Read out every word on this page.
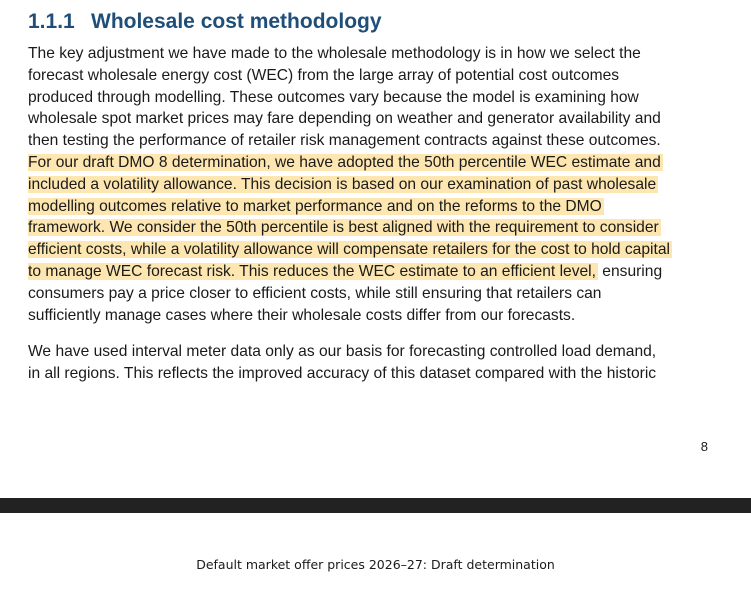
1.1.1 Wholesale cost methodology
The key adjustment we have made to the wholesale methodology is in how we select the
forecast wholesale energy cost (WEC) from the large array of potential cost outcomes
produced through modelling. These outcomes vary because the model is examining how
wholesale spot market prices may fare depending on weather and generator availability and
then testing the performance of retailer risk management contracts against these outcomes.
For our draft DMO 8 determination, we have adopted the 50th percentile WEC estimate and
included a volatility allowance. This decision is based on our examination of past wholesale
modelling outcomes relative to market performance and on the reforms to the DMO
framework. We consider the 50th percentile is best aligned with the requirement to consider
efficient costs, while a volatility allowance will compensate retailers for the cost to hold capital
to manage WEC forecast risk. This reduces the WEC estimate to an efficient level, ensuring
consumers pay a price closer to efficient costs, while still ensuring that retailers can
sufficiently manage cases where their wholesale costs differ from our forecasts.
We have used interval meter data only as our basis for forecasting controlled load demand,
in all regions. This reflects the improved accuracy of this dataset compared with the historic
8
Default market offer prices 2026–27: Draft determination
